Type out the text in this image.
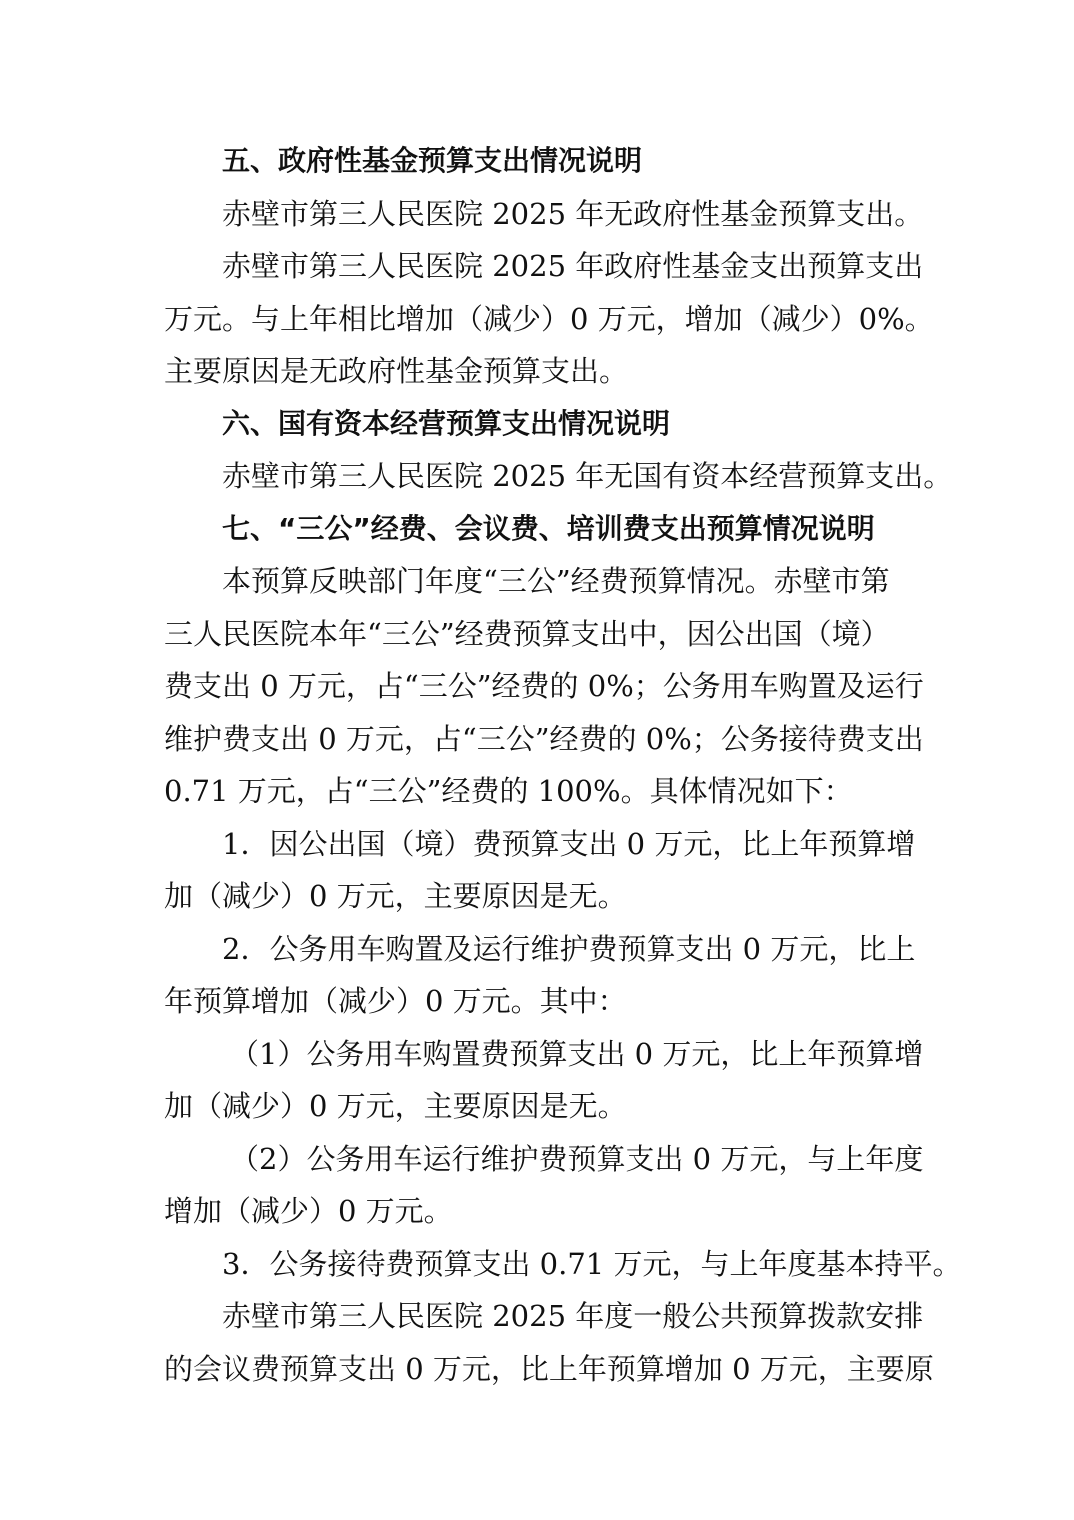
五、政府性基金预算支出情况说明

赤壁市第三人民医院 2025 年无政府性基金预算支出。

赤壁市第三人民医院 2025 年政府性基金支出预算支出

万元。与上年相比增加（减少）0 万元，增加（减少）0%。

主要原因是无政府性基金预算支出。

六、国有资本经营预算支出情况说明

赤壁市第三人民医院 2025 年无国有资本经营预算支出。

七、“三公”经费、会议费、培训费支出预算情况说明

本预算反映部门年度“三公”经费预算情况。赤壁市第

三人民医院本年“三公”经费预算支出中，因公出国（境）

费支出 0 万元，占“三公”经费的 0%；公务用车购置及运行

维护费支出 0 万元，占“三公”经费的 0%；公务接待费支出

0.71 万元，占“三公”经费的 100%。具体情况如下：

1．因公出国（境）费预算支出 0 万元，比上年预算增

加（减少）0 万元，主要原因是无。

2．公务用车购置及运行维护费预算支出 0 万元，比上

年预算增加（减少）0 万元。其中：

（1）公务用车购置费预算支出 0 万元，比上年预算增

加（减少）0 万元，主要原因是无。

（2）公务用车运行维护费预算支出 0 万元，与上年度

增加（减少）0 万元。

3．公务接待费预算支出 0.71 万元，与上年度基本持平。

赤壁市第三人民医院 2025 年度一般公共预算拨款安排

的会议费预算支出 0 万元，比上年预算增加 0 万元，主要原
